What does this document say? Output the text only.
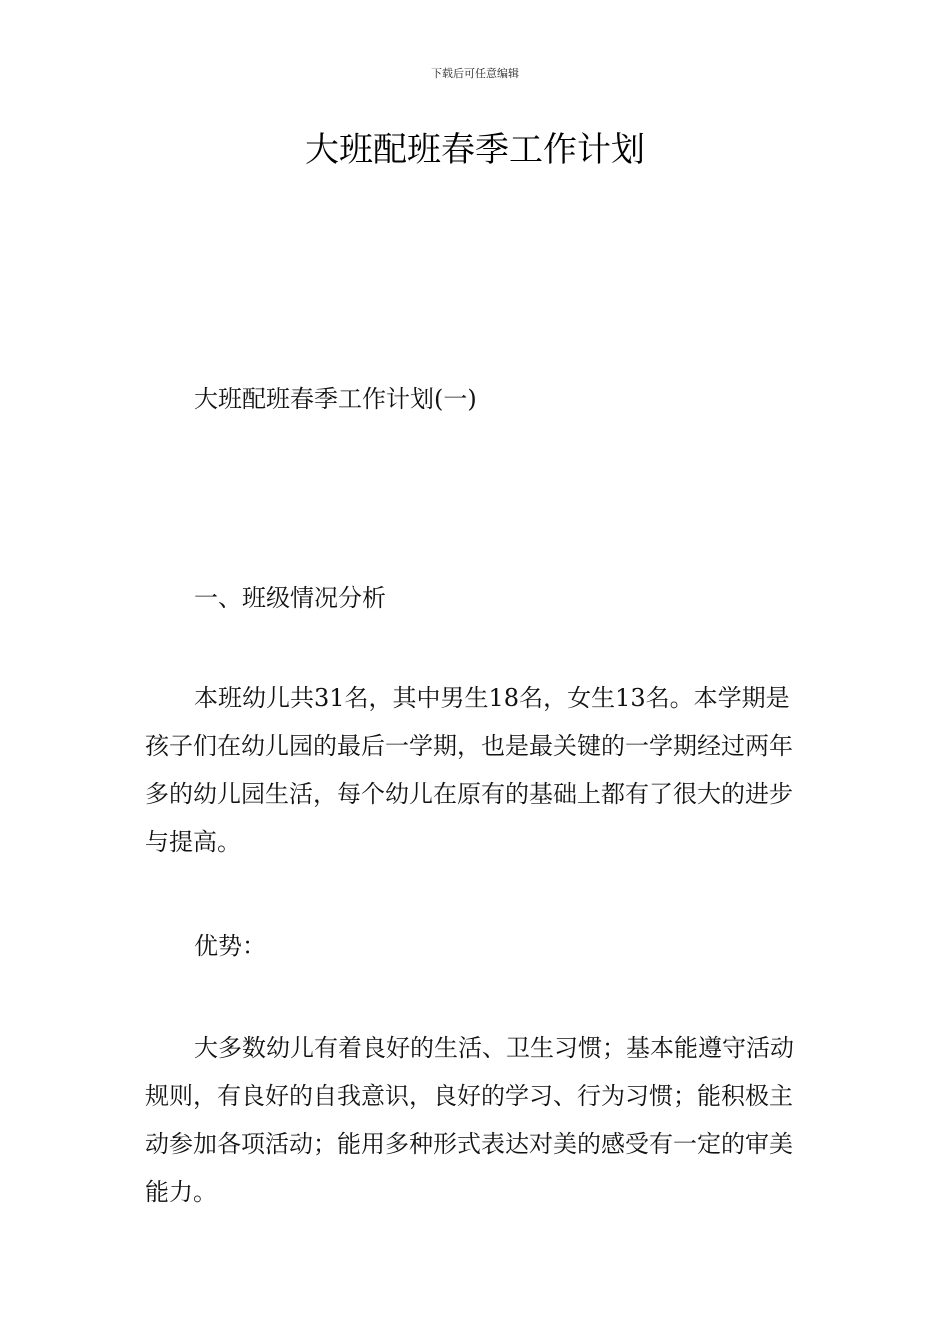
下载后可任意编辑
大班配班春季工作计划

大班配班春季工作计划(一)

一、班级情况分析

本班幼儿共31名，其中男生18名，女生13名。本学期是孩子们在幼儿园的最后一学期，也是最关键的一学期经过两年多的幼儿园生活，每个幼儿在原有的基础上都有了很大的进步与提高。

优势：

大多数幼儿有着良好的生活、卫生习惯；基本能遵守活动规则，有良好的自我意识，良好的学习、行为习惯；能积极主动参加各项活动；能用多种形式表达对美的感受有一定的审美能力。
